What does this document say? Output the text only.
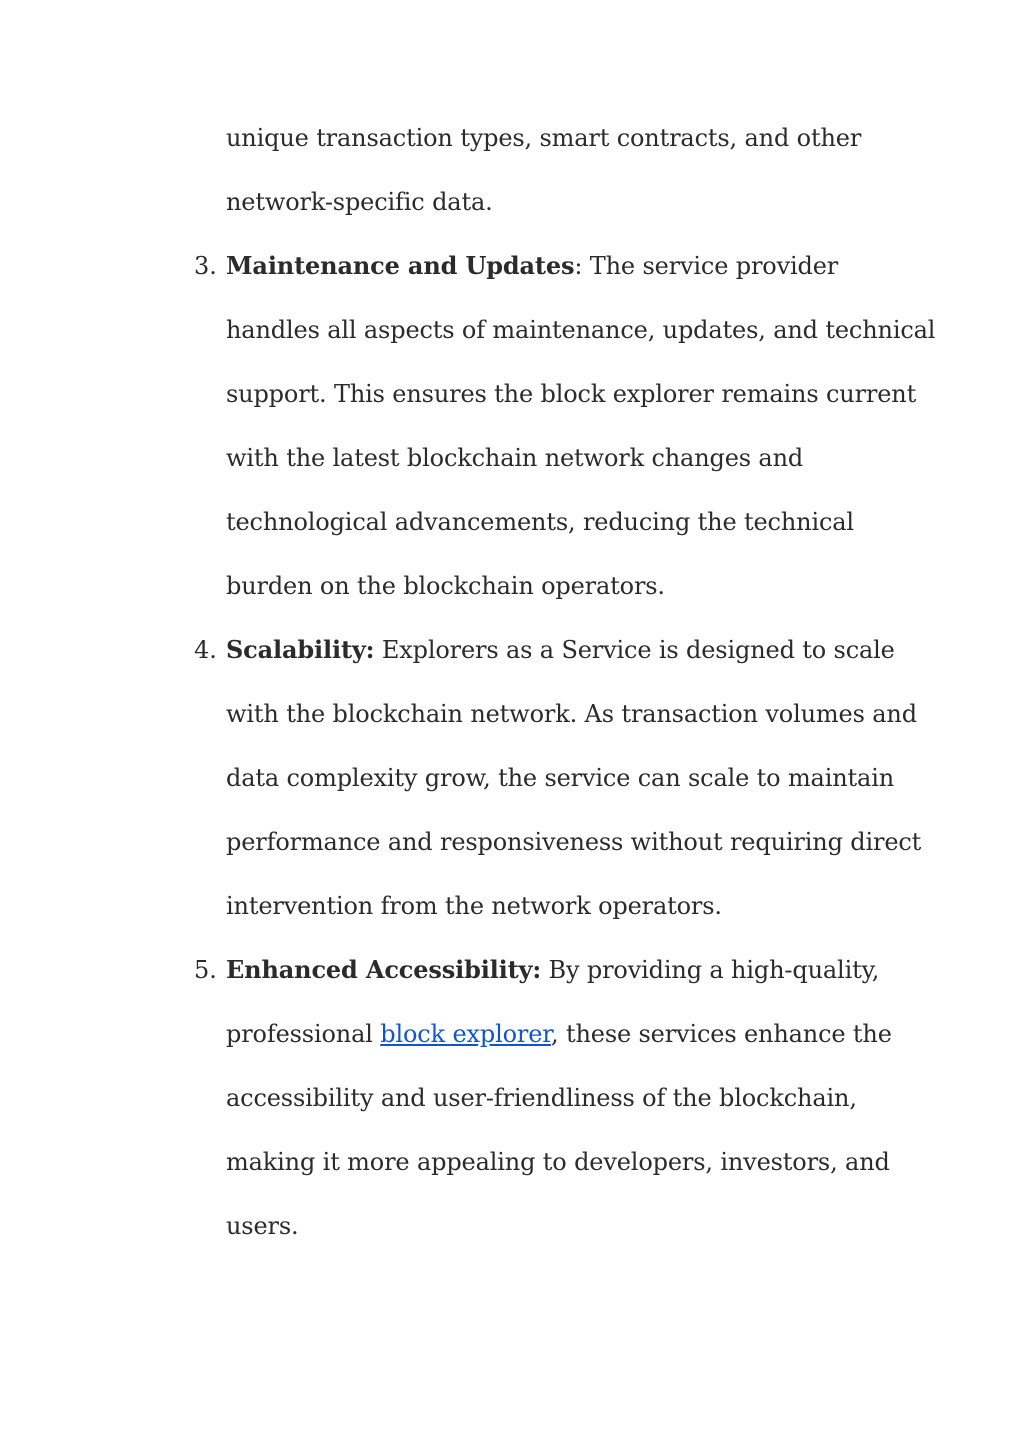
unique transaction types, smart contracts, and other
network-specific data.
3. Maintenance and Updates: The service provider
handles all aspects of maintenance, updates, and technical
support. This ensures the block explorer remains current
with the latest blockchain network changes and
technological advancements, reducing the technical
burden on the blockchain operators.
4. Scalability: Explorers as a Service is designed to scale
with the blockchain network. As transaction volumes and
data complexity grow, the service can scale to maintain
performance and responsiveness without requiring direct
intervention from the network operators.
5. Enhanced Accessibility: By providing a high-quality,
professional block explorer, these services enhance the
accessibility and user-friendliness of the blockchain,
making it more appealing to developers, investors, and
users.
